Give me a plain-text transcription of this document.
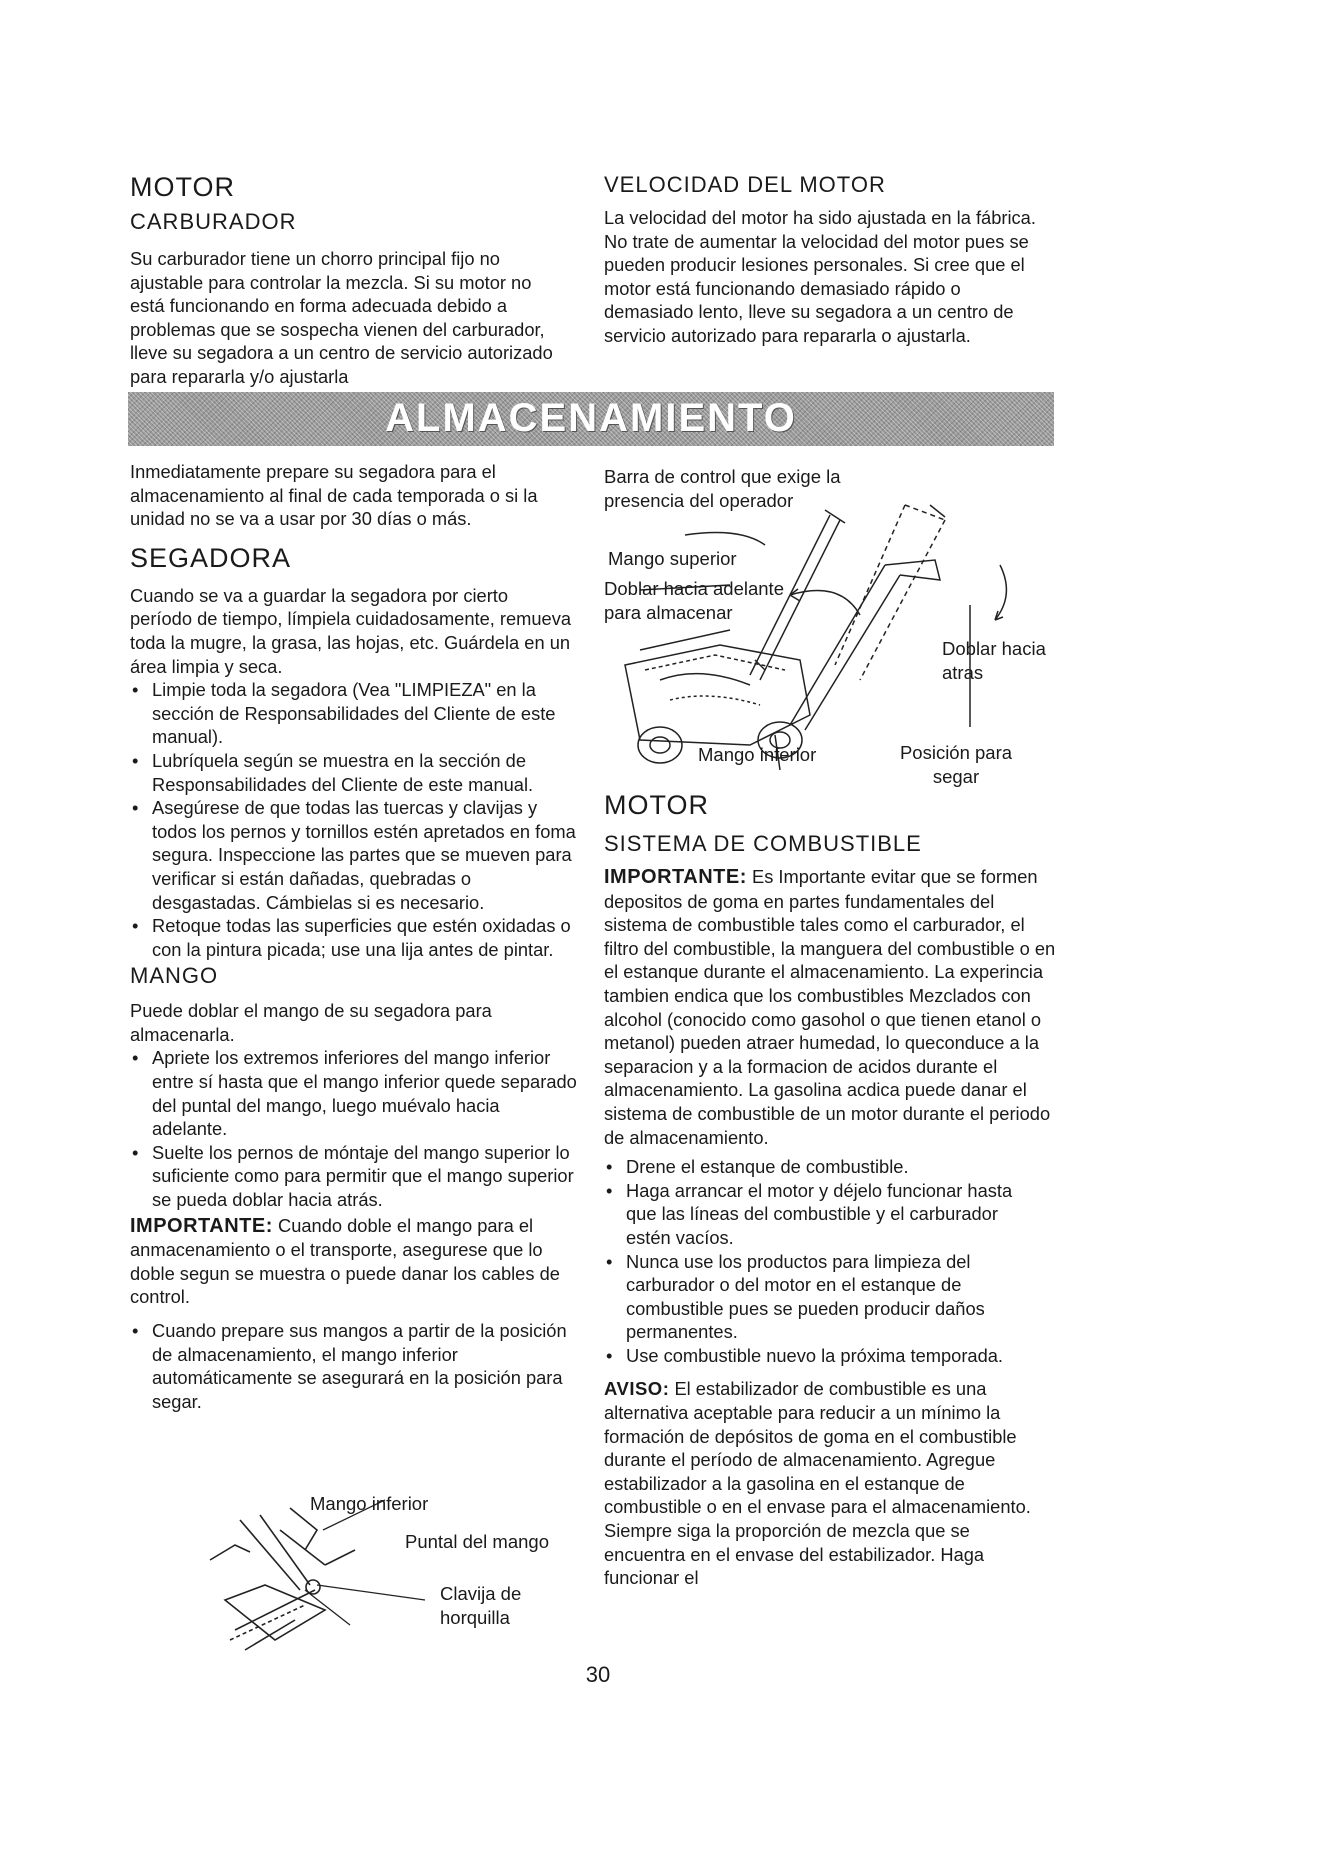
MOTOR
CARBURADOR

Su carburador tiene un chorro principal fijo no ajustable para controlar la mezcla. Si su motor no está funcionando en forma adecuada debido a problemas que se sospecha vienen del carburador, lleve su segadora a un centro de servicio autorizado para repararla y/o ajustarla

VELOCIDAD DEL MOTOR

La velocidad del motor ha sido ajustada en la fábrica. No trate de aumentar la velocidad del motor pues se pueden producir lesiones personales. Si cree que el motor está funcionando demasiado rápido o demasiado lento, lleve su segadora a un centro de servicio autorizado para repararla o ajustarla.

ALMACENAMIENTO

Inmediatamente prepare su segadora para el almacenamiento al final de cada temporada o si la unidad no se va a usar por 30 días o más.

SEGADORA

Cuando se va a guardar la segadora por cierto período de tiempo, límpiela cuidadosamente, remueva toda la mugre, la grasa, las hojas, etc. Guárdela en un área limpia y seca.

• Limpie toda la segadora (Vea "LIMPIEZA" en la sección de Responsabilidades del Cliente de este manual).
• Lubríquela según se muestra en la sección de Responsabilidades del Cliente de este manual.
• Asegúrese de que todas las tuercas y clavijas y todos los pernos y tornillos estén apretados en foma segura. Inspeccione las partes que se mueven para verificar si están dañadas, quebradas o desgastadas. Cámbielas si es necesario.
• Retoque todas las superficies que estén oxidadas o con la pintura picada; use una lija antes de pintar.
MANGO

Puede doblar el mango de su segadora para almacenarla.

• Apriete los extremos inferiores del mango inferior entre sí hasta que el mango inferior quede separado del puntal del mango, luego muévalo hacia adelante.
• Suelte los pernos de móntaje del mango superior lo suficiente como para permitir que el mango superior se pueda doblar hacia atrás.

IMPORTANTE: Cuando doble el mango para el anmacenamiento o el transporte, asegurese que lo doble segun se muestra o puede danar los cables de control.

• Cuando prepare sus mangos a partir de la posición de almacenamiento, el mango inferior automáticamente se asegurará en la posición para segar.
Mango inferior
Puntal del mango
Clavija de horquilla
Barra de control que exige la presencia del operador
Mango superior
Doblar hacia adelante para almacenar
Doblar hacia atras
Mango inferior	Posición para segar
MOTOR
SISTEMA DE COMBUSTIBLE

IMPORTANTE: Es Importante evitar que se formen depositos de goma en partes fundamentales del sistema de combustible tales como el carburador, el filtro del combustible, la manguera del combustible o en el estanque durante el almacenamiento. La experincia tambien endica que los combustibles Mezclados con alcohol (conocido como gasohol o que tienen etanol o metanol) pueden atraer humedad, lo queconduce a la separacion y a la formacion de acidos durante el almacenamiento. La gasolina acdica puede danar el sistema de combustible de un motor durante el periodo de almacenamiento.

• Drene el estanque de combustible.
• Haga arrancar el motor y déjelo funcionar hasta que las líneas del combustible y el carburador estén vacíos.
• Nunca use los productos para limpieza del carburador o del motor en el estanque de combustible pues se pueden producir daños permanentes.
• Use combustible nuevo la próxima temporada.

AVISO: El estabilizador de combustible es una alternativa aceptable para reducir a un mínimo la formación de depósitos de goma en el combustible durante el período de almacenamiento. Agregue estabilizador a la gasolina en el estanque de combustible o en el envase para el almacenamiento. Siempre siga la proporción de mezcla que se encuentra en el envase del estabilizador. Haga funcionar el

30
